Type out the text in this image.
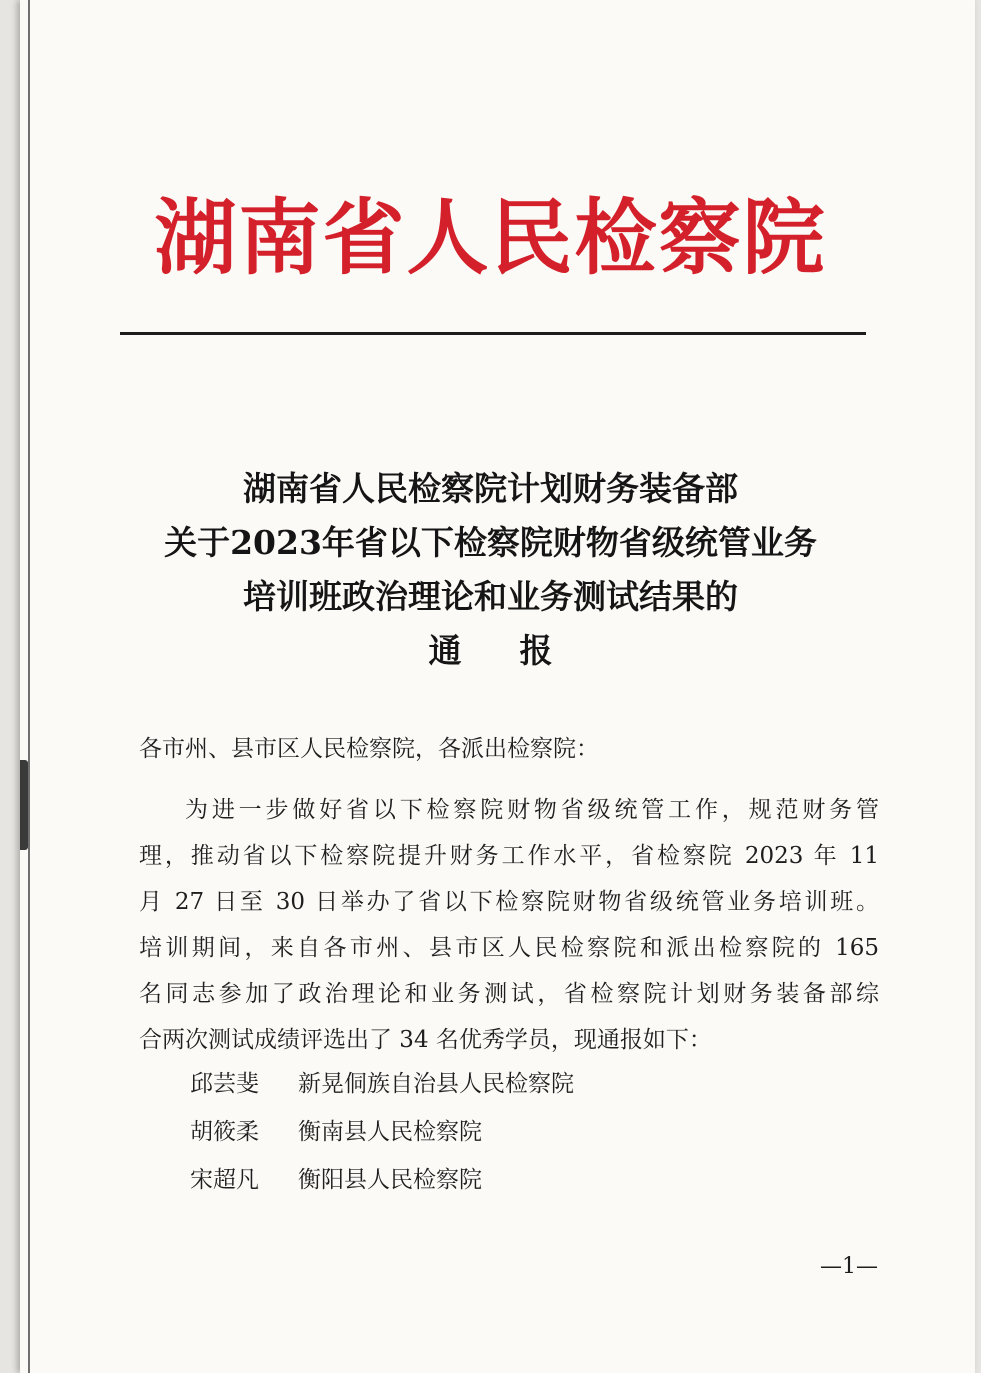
湖南省人民检察院
湖南省人民检察院计划财务装备部
关于2023年省以下检察院财物省级统管业务
培训班政治理论和业务测试结果的
通报

各市州、县市区人民检察院，各派出检察院：

为进一步做好省以下检察院财物省级统管工作，规范财务管
理，推动省以下检察院提升财务工作水平，省检察院 2023 年 11
月 27 日至 30 日举办了省以下检察院财物省级统管业务培训班。
培训期间，来自各市州、县市区人民检察院和派出检察院的 165
名同志参加了政治理论和业务测试，省检察院计划财务装备部综
合两次测试成绩评选出了 34 名优秀学员，现通报如下：
邱芸斐 新晃侗族自治县人民检察院
胡筱柔 衡南县人民检察院
宋超凡 衡阳县人民检察院
—1—
